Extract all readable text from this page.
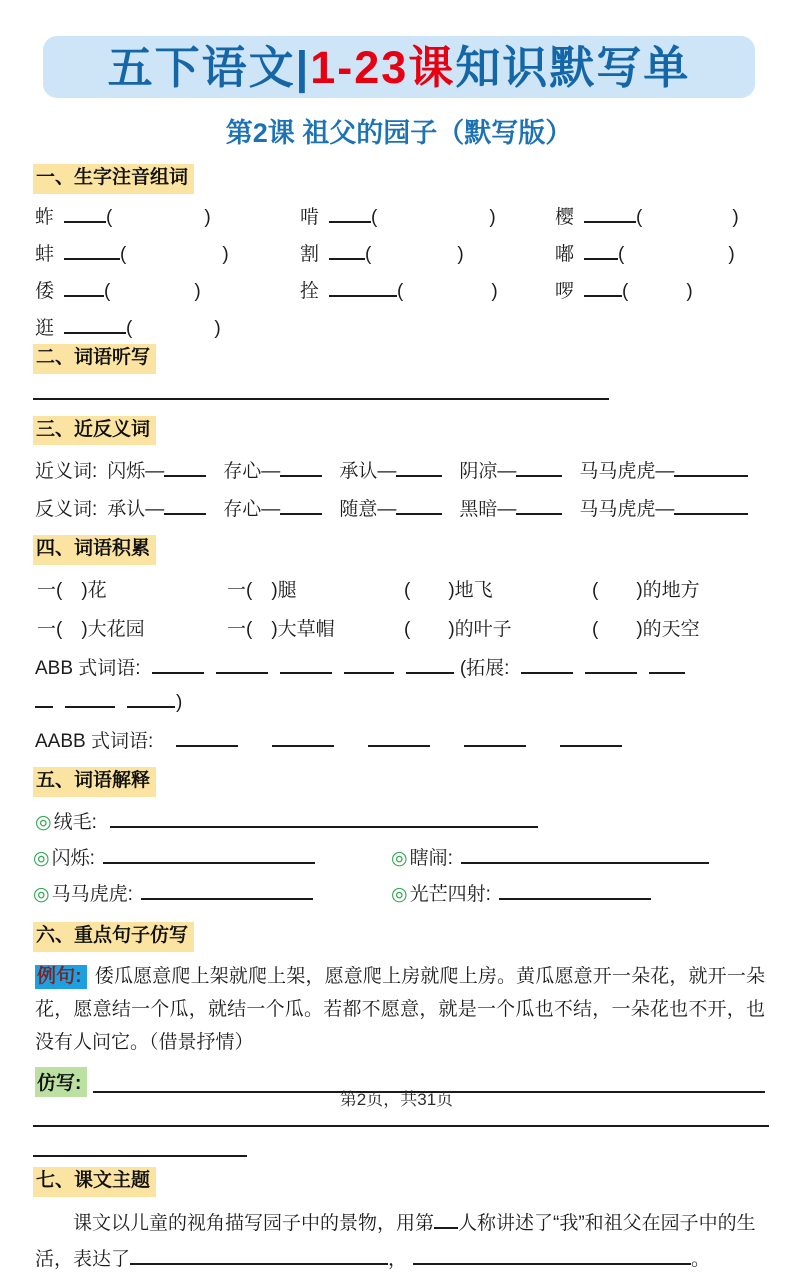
五下语文| 1-23课 知识默写单
第2课 祖父的园子（默写版）
一、生字注音组词
蚱	(	)	啃	(	)	樱	(	)
蚌	(	)	割 (	)	嘟 (	)
倭	(	)	拴	(	)	啰	(	)
逛	(	)
二、词语听写
三、近反义词
近义词: 闪烁—	存心—	承认—	阴凉—	马马虎虎—
反义词: 承认—	存心—	随意—	黑暗—	马马虎虎—
四、词语积累
一(　)花	一(　)腿	(　　)地飞	(　　)的地方
一(　)大花园	一(　)大草帽	(　　)的叶子	(　　)的天空
ABB 式词语:	(拓展:
)
AABB 式词语:
五、词语解释
◎ 绒毛:
◎ 闪烁:	◎ 瞎闹:
◎ 马马虎虎:	◎ 光芒四射:
六、重点句子仿写

例句: 倭瓜愿意爬上架就爬上架，愿意爬上房就爬上房。黄瓜愿意开一朵花，就开一朵花，愿意结一个瓜，就结一个瓜。若都不愿意，就是一个瓜也不结，一朵花也不开，也没有人问它。（借景抒情）

仿写:
七、课文主题

课文以儿童的视角描写园子中的景物，用第 人称讲述了“我”和祖父在园子中的生活，表达了	，	。

第2页，共31页
